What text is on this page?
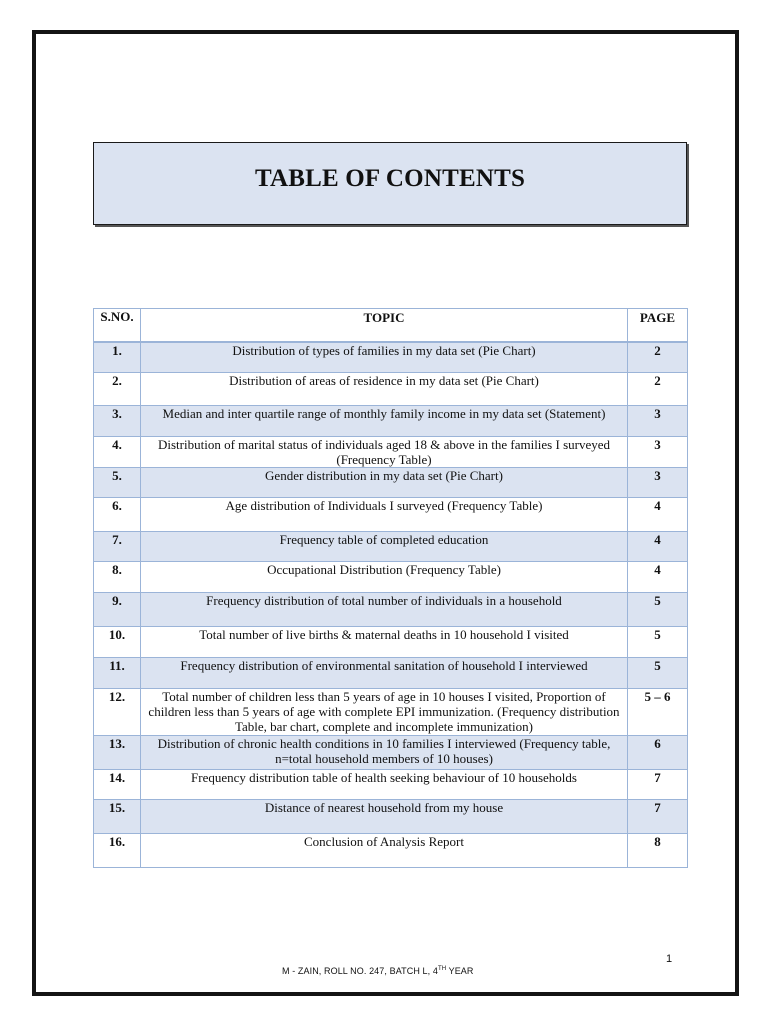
TABLE OF CONTENTS
S.NO.	TOPIC	PAGE
1.	Distribution of types of families in my data set (Pie Chart)	2
2.	Distribution of areas of residence in my data set (Pie Chart)	2
3.	Median and inter quartile range of monthly family income in my data set (Statement)	3
4.	Distribution of marital status of individuals aged 18 & above in the families I surveyed (Frequency Table)	3
5.	Gender distribution in my data set (Pie Chart)	3
6.	Age distribution of Individuals I surveyed (Frequency Table)	4
7.	Frequency table of completed education	4
8.	Occupational Distribution (Frequency Table)	4
9.	Frequency distribution of total number of individuals in a household	5
10.	Total number of live births & maternal deaths in 10 household I visited	5
11.	Frequency distribution of environmental sanitation of household I interviewed	5
12.	Total number of children less than 5 years of age in 10 houses I visited, Proportion of children less than 5 years of age with complete EPI immunization. (Frequency distribution Table, bar chart, complete and incomplete immunization)	5 – 6
13.	Distribution of chronic health conditions in 10 families I interviewed (Frequency table, n=total household members of 10 houses)	6
14.	Frequency distribution table of health seeking behaviour of 10 households	7
15.	Distance of nearest household from my house	7
16.	Conclusion of Analysis Report	8
1
M - ZAIN, ROLL NO. 247, BATCH L, 4TH YEAR
